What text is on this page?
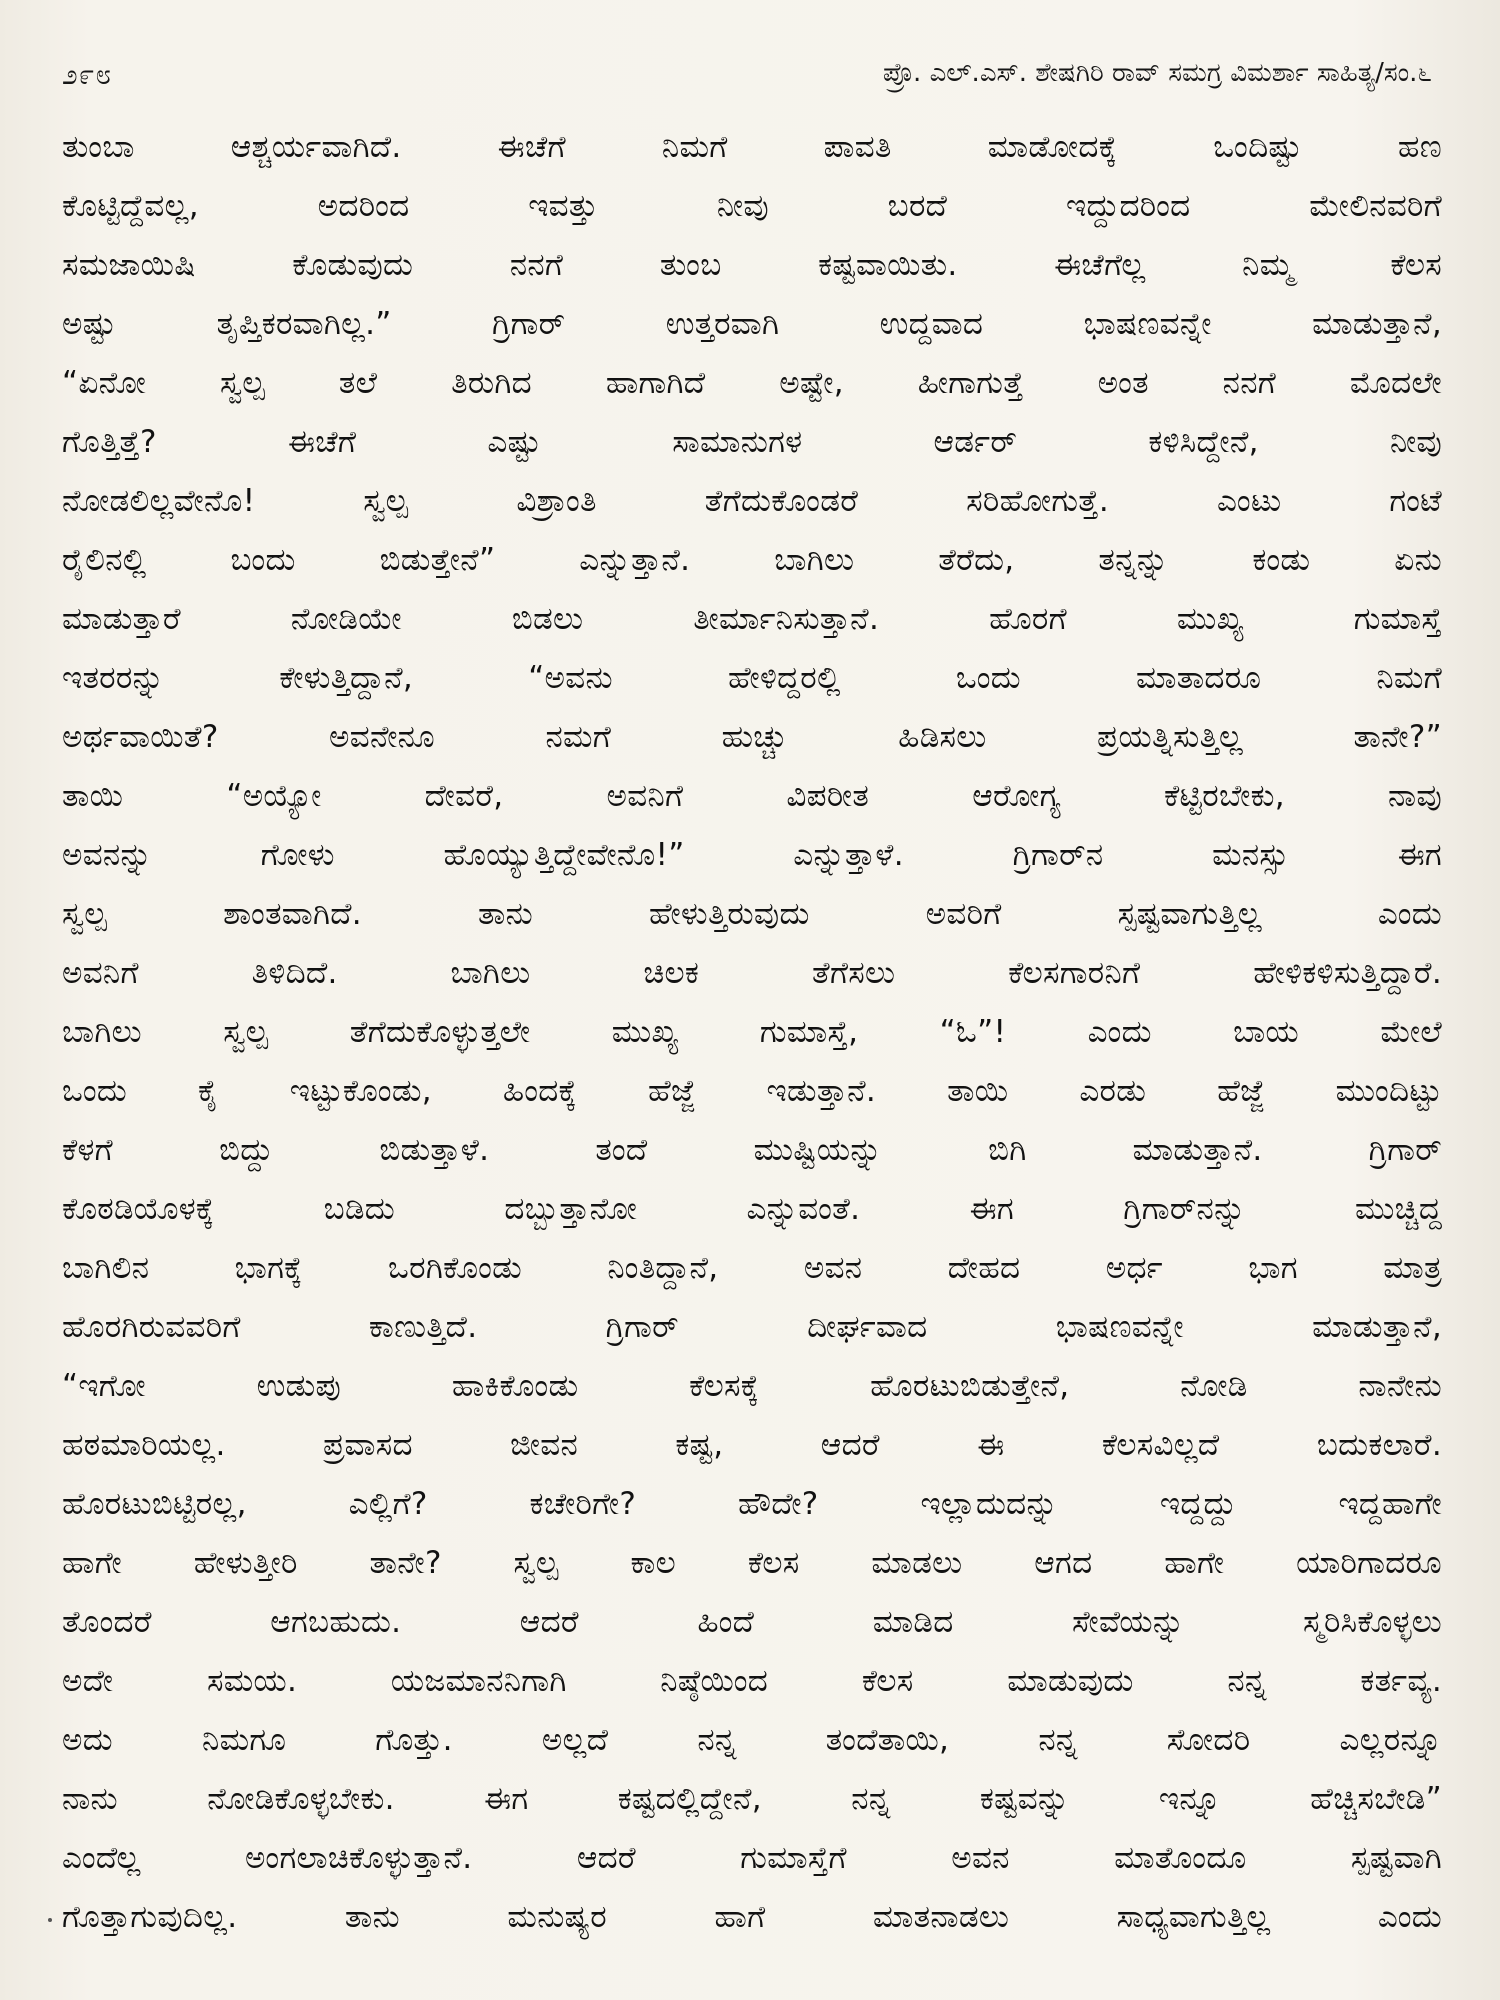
೨೯೮	ಪ್ರೊ. ಎಲ್.ಎಸ್. ಶೇಷಗಿರಿ ರಾವ್ ಸಮಗ್ರ ವಿಮರ್ಶಾ ಸಾಹಿತ್ಯ/ಸಂ.೬
ತುಂಬಾ ಆಶ್ಚರ್ಯವಾಗಿದೆ. ಈಚೆಗೆ ನಿಮಗೆ ಪಾವತಿ ಮಾಡೋದಕ್ಕೆ ಒಂದಿಷ್ಟು ಹಣ
ಕೊಟ್ಟಿದ್ದೆವಲ್ಲ, ಅದರಿಂದ ಇವತ್ತು ನೀವು ಬರದೆ ಇದ್ದುದರಿಂದ ಮೇಲಿನವರಿಗೆ
ಸಮಜಾಯಿಷಿ ಕೊಡುವುದು ನನಗೆ ತುಂಬ ಕಷ್ಟವಾಯಿತು. ಈಚೆಗೆಲ್ಲ ನಿಮ್ಮ ಕೆಲಸ
ಅಷ್ಟು ತೃಪ್ತಿಕರವಾಗಿಲ್ಲ.” ಗ್ರಿಗಾರ್ ಉತ್ತರವಾಗಿ ಉದ್ದವಾದ ಭಾಷಣವನ್ನೇ ಮಾಡುತ್ತಾನೆ,
“ಏನೋ ಸ್ವಲ್ಪ ತಲೆ ತಿರುಗಿದ ಹಾಗಾಗಿದೆ ಅಷ್ಟೇ, ಹೀಗಾಗುತ್ತೆ ಅಂತ ನನಗೆ ಮೊದಲೇ
ಗೊತ್ತಿತ್ತೆ? ಈಚೆಗೆ ಎಷ್ಟು ಸಾಮಾನುಗಳ ಆರ್ಡರ್ ಕಳಿಸಿದ್ದೇನೆ, ನೀವು
ನೋಡಲಿಲ್ಲವೇನೊ! ಸ್ವಲ್ಪ ವಿಶ್ರಾಂತಿ ತೆಗೆದುಕೊಂಡರೆ ಸರಿಹೋಗುತ್ತೆ. ಎಂಟು ಗಂಟೆ
ರೈಲಿನಲ್ಲಿ ಬಂದು ಬಿಡುತ್ತೇನೆ” ಎನ್ನುತ್ತಾನೆ. ಬಾಗಿಲು ತೆರೆದು, ತನ್ನನ್ನು ಕಂಡು ಏನು
ಮಾಡುತ್ತಾರೆ ನೋಡಿಯೇ ಬಿಡಲು ತೀರ್ಮಾನಿಸುತ್ತಾನೆ. ಹೊರಗೆ ಮುಖ್ಯ ಗುಮಾಸ್ತೆ
ಇತರರನ್ನು ಕೇಳುತ್ತಿದ್ದಾನೆ, “ಅವನು ಹೇಳಿದ್ದರಲ್ಲಿ ಒಂದು ಮಾತಾದರೂ ನಿಮಗೆ
ಅರ್ಥವಾಯಿತೆ? ಅವನೇನೂ ನಮಗೆ ಹುಚ್ಚು ಹಿಡಿಸಲು ಪ್ರಯತ್ನಿಸುತ್ತಿಲ್ಲ ತಾನೇ?”
ತಾಯಿ “ಅಯ್ಯೋ ದೇವರೆ, ಅವನಿಗೆ ವಿಪರೀತ ಆರೋಗ್ಯ ಕೆಟ್ಟಿರಬೇಕು, ನಾವು
ಅವನನ್ನು ಗೋಳು ಹೊಯ್ಯುತ್ತಿದ್ದೇವೇನೊ!” ಎನ್ನುತ್ತಾಳೆ. ಗ್ರಿಗಾರ್‌ನ ಮನಸ್ಸು ಈಗ
ಸ್ವಲ್ಪ ಶಾಂತವಾಗಿದೆ. ತಾನು ಹೇಳುತ್ತಿರುವುದು ಅವರಿಗೆ ಸ್ಪಷ್ಟವಾಗುತ್ತಿಲ್ಲ ಎಂದು
ಅವನಿಗೆ ತಿಳಿದಿದೆ. ಬಾಗಿಲು ಚಿಲಕ ತೆಗೆಸಲು ಕೆಲಸಗಾರನಿಗೆ ಹೇಳಿಕಳಿಸುತ್ತಿದ್ದಾರೆ.
ಬಾಗಿಲು ಸ್ವಲ್ಪ ತೆಗೆದುಕೊಳ್ಳುತ್ತಲೇ ಮುಖ್ಯ ಗುಮಾಸ್ತೆ, “ಓ”! ಎಂದು ಬಾಯ ಮೇಲೆ
ಒಂದು ಕೈ ಇಟ್ಟುಕೊಂಡು, ಹಿಂದಕ್ಕೆ ಹೆಜ್ಜೆ ಇಡುತ್ತಾನೆ. ತಾಯಿ ಎರಡು ಹೆಜ್ಜೆ ಮುಂದಿಟ್ಟು
ಕೆಳಗೆ ಬಿದ್ದು ಬಿಡುತ್ತಾಳೆ. ತಂದೆ ಮುಷ್ಟಿಯನ್ನು ಬಿಗಿ ಮಾಡುತ್ತಾನೆ. ಗ್ರಿಗಾರ್
ಕೊಠಡಿಯೊಳಕ್ಕೆ ಬಡಿದು ದಬ್ಬುತ್ತಾನೋ ಎನ್ನುವಂತೆ. ಈಗ ಗ್ರಿಗಾರ್‌ನನ್ನು ಮುಚ್ಚಿದ್ದ
ಬಾಗಿಲಿನ ಭಾಗಕ್ಕೆ ಒರಗಿಕೊಂಡು ನಿಂತಿದ್ದಾನೆ, ಅವನ ದೇಹದ ಅರ್ಧ ಭಾಗ ಮಾತ್ರ
ಹೊರಗಿರುವವರಿಗೆ ಕಾಣುತ್ತಿದೆ. ಗ್ರಿಗಾರ್ ದೀರ್ಘವಾದ ಭಾಷಣವನ್ನೇ ಮಾಡುತ್ತಾನೆ,
“ಇಗೋ ಉಡುಪು ಹಾಕಿಕೊಂಡು ಕೆಲಸಕ್ಕೆ ಹೊರಟುಬಿಡುತ್ತೇನೆ, ನೋಡಿ ನಾನೇನು
ಹಠಮಾರಿಯಲ್ಲ. ಪ್ರವಾಸದ ಜೀವನ ಕಷ್ಟ, ಆದರೆ ಈ ಕೆಲಸವಿಲ್ಲದೆ ಬದುಕಲಾರೆ.
ಹೊರಟುಬಿಟ್ಟಿರಲ್ಲ, ಎಲ್ಲಿಗೆ? ಕಚೇರಿಗೇ? ಹೌದೇ? ಇಲ್ಲಾದುದನ್ನು ಇದ್ದದ್ದು ಇದ್ದಹಾಗೇ
ಹಾಗೇ ಹೇಳುತ್ತೀರಿ ತಾನೇ? ಸ್ವಲ್ಪ ಕಾಲ ಕೆಲಸ ಮಾಡಲು ಆಗದ ಹಾಗೇ ಯಾರಿಗಾದರೂ
ತೊಂದರೆ ಆಗಬಹುದು. ಆದರೆ ಹಿಂದೆ ಮಾಡಿದ ಸೇವೆಯನ್ನು ಸ್ಮರಿಸಿಕೊಳ್ಳಲು
ಅದೇ ಸಮಯ. ಯಜಮಾನನಿಗಾಗಿ ನಿಷ್ಠೆಯಿಂದ ಕೆಲಸ ಮಾಡುವುದು ನನ್ನ ಕರ್ತವ್ಯ.
ಅದು ನಿಮಗೂ ಗೊತ್ತು. ಅಲ್ಲದೆ ನನ್ನ ತಂದೆತಾಯಿ, ನನ್ನ ಸೋದರಿ ಎಲ್ಲರನ್ನೂ
ನಾನು ನೋಡಿಕೊಳ್ಳಬೇಕು. ಈಗ ಕಷ್ಟದಲ್ಲಿದ್ದೇನೆ, ನನ್ನ ಕಷ್ಟವನ್ನು ಇನ್ನೂ ಹೆಚ್ಚಿಸಬೇಡಿ”
ಎಂದೆಲ್ಲ ಅಂಗಲಾಚಿಕೊಳ್ಳುತ್ತಾನೆ. ಆದರೆ ಗುಮಾಸ್ತೆಗೆ ಅವನ ಮಾತೊಂದೂ ಸ್ಪಷ್ಟವಾಗಿ
ಗೊತ್ತಾಗುವುದಿಲ್ಲ. ತಾನು ಮನುಷ್ಯರ ಹಾಗೆ ಮಾತನಾಡಲು ಸಾಧ್ಯವಾಗುತ್ತಿಲ್ಲ ಎಂದು
